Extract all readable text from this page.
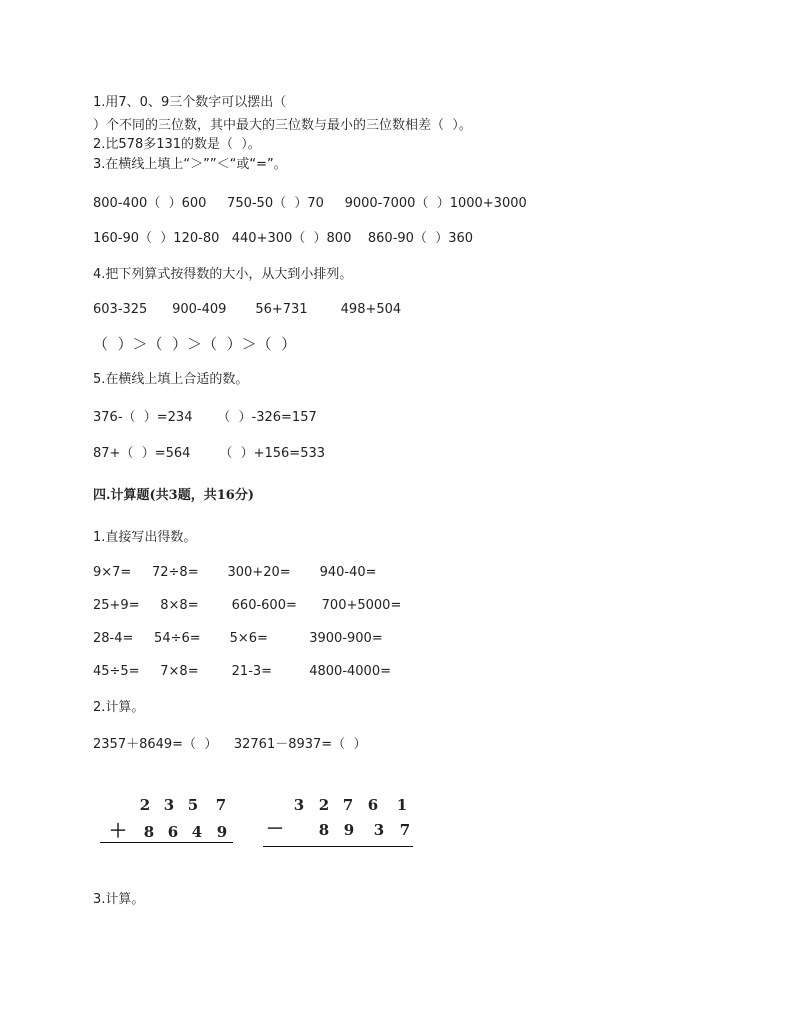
1.用7、0、9三个数字可以摆出（
）个不同的三位数，其中最大的三位数与最小的三位数相差（  ）。
2.比578多131的数是（  ）。
3.在横线上填上“＞””＜“或“=”。
800-400（  ）600     750-50（  ）70     9000-7000（  ）1000+3000
160-90（  ）120-80   440+300（  ）800    860-90（  ）360
4.把下列算式按得数的大小，从大到小排列。
603-325      900-409       56+731        498+504
（  ）＞（  ）＞（  ）＞（  ）
5.在横线上填上合适的数。
376-（  ）=234      （  ）-326=157
87+（  ）=564       （  ）+156=533
四.计算题(共3题，共16分)
1.直接写出得数。
9×7=     72÷8=       300+20=       940-40=
25+9=     8×8=        660-600=      700+5000=
28-4=     54÷6=       5×6=          3900-900=
45÷5=     7×8=        21-3=         4800-4000=
2.计算。
2357＋8649=（  ）    32761－8937=（  ）
2 3 5 7
＋ 8 6 4 9
3 2 7 6 1
－ 8 9 3 7
3.计算。
